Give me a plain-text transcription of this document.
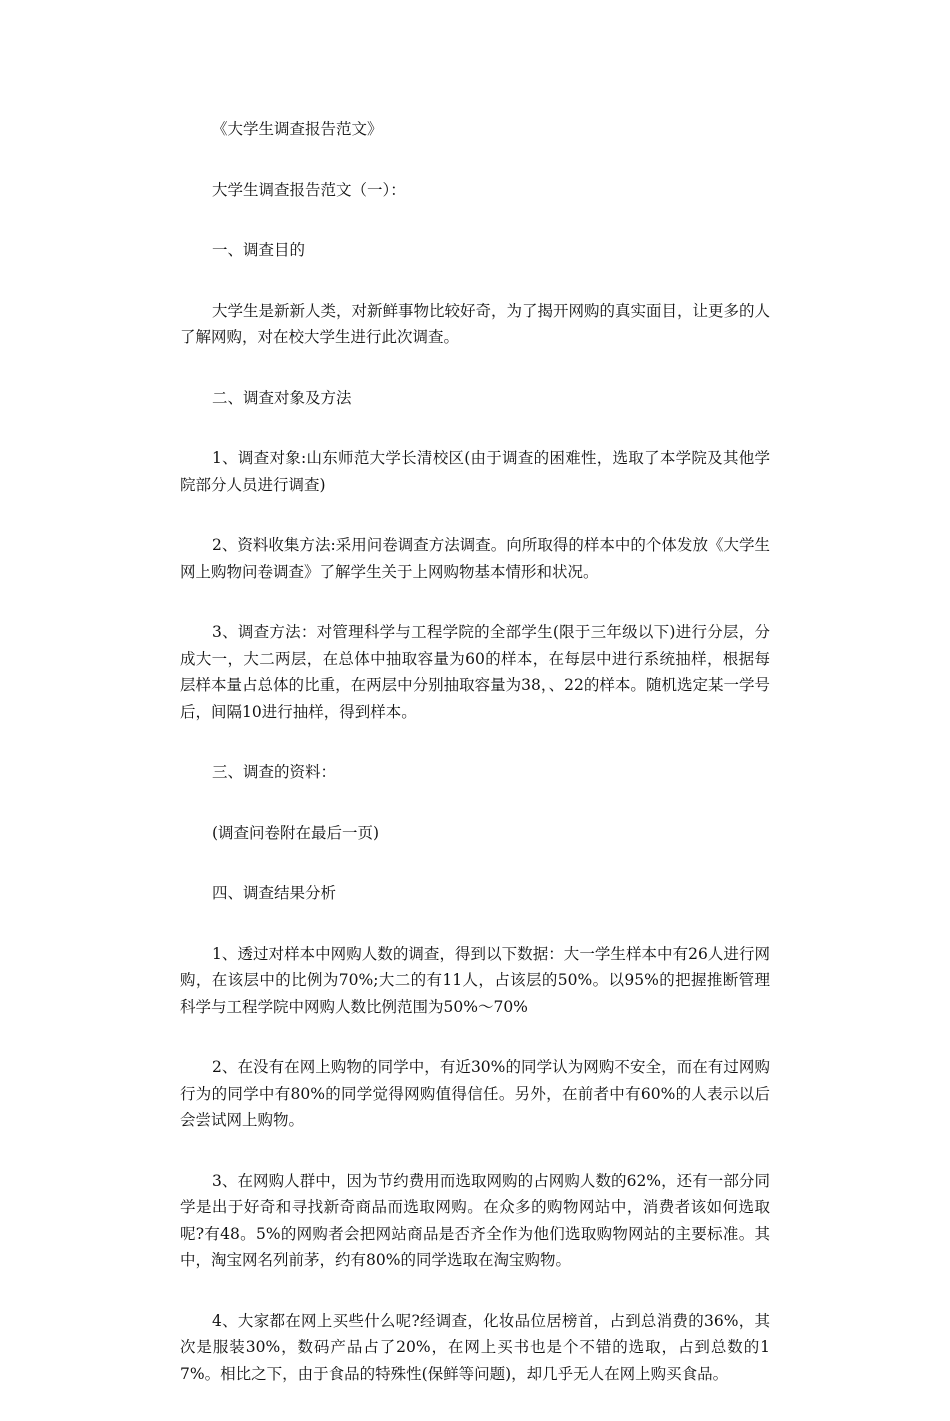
《大学生调查报告范文》

大学生调查报告范文（一）：

一、调查目的

大学生是新新人类，对新鲜事物比较好奇，为了揭开网购的真实面目，让更多的人了解网购，对在校大学生进行此次调查。

二、调查对象及方法

1、调查对象:山东师范大学长清校区(由于调查的困难性，选取了本学院及其他学院部分人员进行调查)

2、资料收集方法:采用问卷调查方法调查。向所取得的样本中的个体发放《大学生网上购物问卷调查》了解学生关于上网购物基本情形和状况。

3、调查方法：对管理科学与工程学院的全部学生(限于三年级以下)进行分层，分成大一，大二两层，在总体中抽取容量为60的样本，在每层中进行系统抽样，根据每层样本量占总体的比重，在两层中分别抽取容量为38，、22的样本。随机选定某一学号后，间隔10进行抽样，得到样本。

三、调查的资料：

(调查问卷附在最后一页)

四、调查结果分析

1、透过对样本中网购人数的调查，得到以下数据：大一学生样本中有26人进行网购，在该层中的比例为70%;大二的有11人，占该层的50%。以95%的把握推断管理科学与工程学院中网购人数比例范围为50%～70%

2、在没有在网上购物的同学中，有近30%的同学认为网购不安全，而在有过网购行为的同学中有80%的同学觉得网购值得信任。另外，在前者中有60%的人表示以后会尝试网上购物。

3、在网购人群中，因为节约费用而选取网购的占网购人数的62%，还有一部分同学是出于好奇和寻找新奇商品而选取网购。在众多的购物网站中，消费者该如何选取呢?有48。5%的网购者会把网站商品是否齐全作为他们选取购物网站的主要标准。其中，淘宝网名列前茅，约有80%的同学选取在淘宝购物。

4、大家都在网上买些什么呢?经调查，化妆品位居榜首，占到总消费的36%，其次是服装30%，数码产品占了20%，在网上买书也是个不错的选取，占到总数的17%。相比之下，由于食品的特殊性(保鲜等问题)，却几乎无人在网上购买食品。
